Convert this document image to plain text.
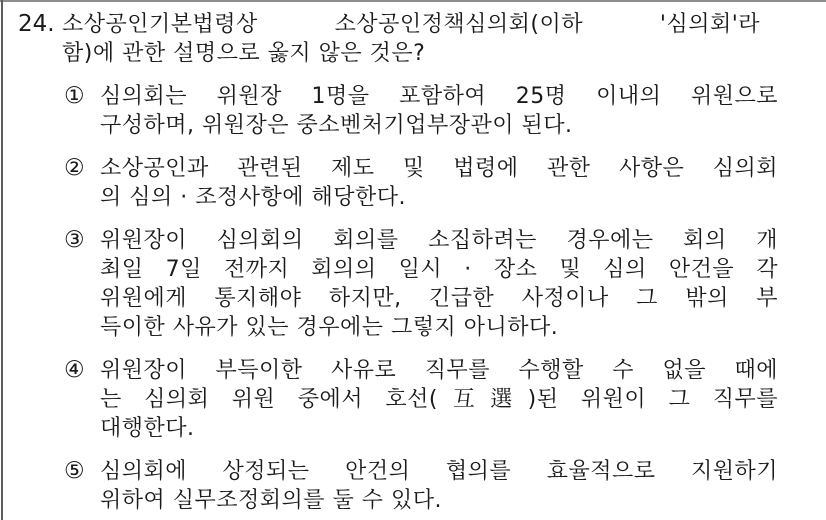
24. 소상공인기본법령상 소상공인정책심의회(이하 '심의회'라
함)에 관한 설명으로 옳지 않은 것은?
① 심의회는 위원장 1명을 포함하여 25명 이내의 위원으로
구성하며, 위원장은 중소벤처기업부장관이 된다.
② 소상공인과 관련된 제도 및 법령에 관한 사항은 심의회
의 심의 · 조정사항에 해당한다.
③ 위원장이 심의회의 회의를 소집하려는 경우에는 회의 개
최일 7일 전까지 회의의 일시 · 장소 및 심의 안건을 각
위원에게 통지해야 하지만, 긴급한 사정이나 그 밖의 부
득이한 사유가 있는 경우에는 그렇지 아니하다.
④ 위원장이 부득이한 사유로 직무를 수행할 수 없을 때에
는 심의회 위원 중에서 호선(互選)된 위원이 그 직무를
대행한다.
⑤ 심의회에 상정되는 안건의 협의를 효율적으로 지원하기
위하여 실무조정회의를 둘 수 있다.
